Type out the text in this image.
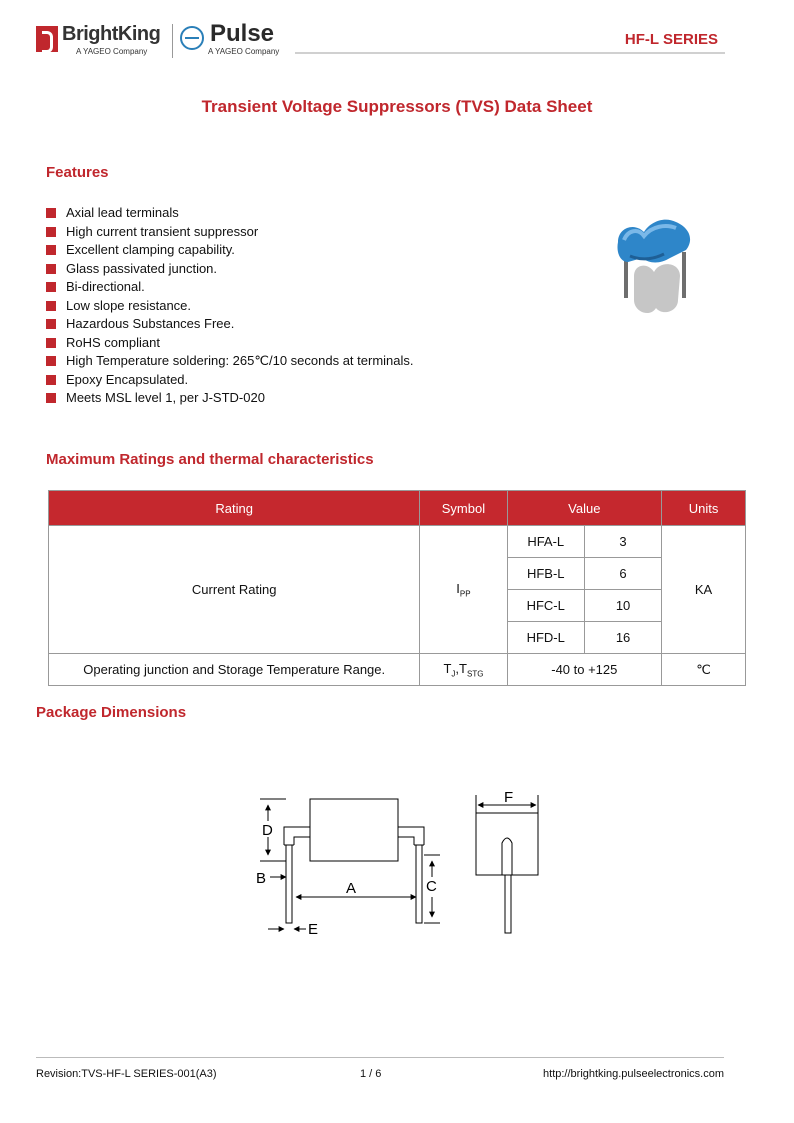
BrightKing
A YAGEO Company
Pulse
A YAGEO Company
HF-L SERIES
Transient Voltage Suppressors (TVS) Data Sheet
Features
Axial lead terminals
High current transient suppressor
Excellent clamping capability.
Glass passivated junction.
Bi-directional.
Low slope resistance.
Hazardous Substances Free.
RoHS compliant
High Temperature soldering: 265℃/10 seconds at terminals.
Epoxy Encapsulated.
Meets MSL level 1, per J-STD-020
Maximum Ratings and thermal characteristics
Rating	Symbol	Value		Units
Current Rating	$I_{PP}$	HFA-L	3	KA
		HFB-L	6	
		HFC-L	10	
		HFD-L	16	
Operating junction and Storage Temperature Range.	$T_J,T_{STG}$	-40 to +125		℃
Package Dimensions
D
B
A	C
E
F
Revision:TVS-HF-L SERIES-001(A3)	1 / 6	http://brightking.pulseelectronics.com
